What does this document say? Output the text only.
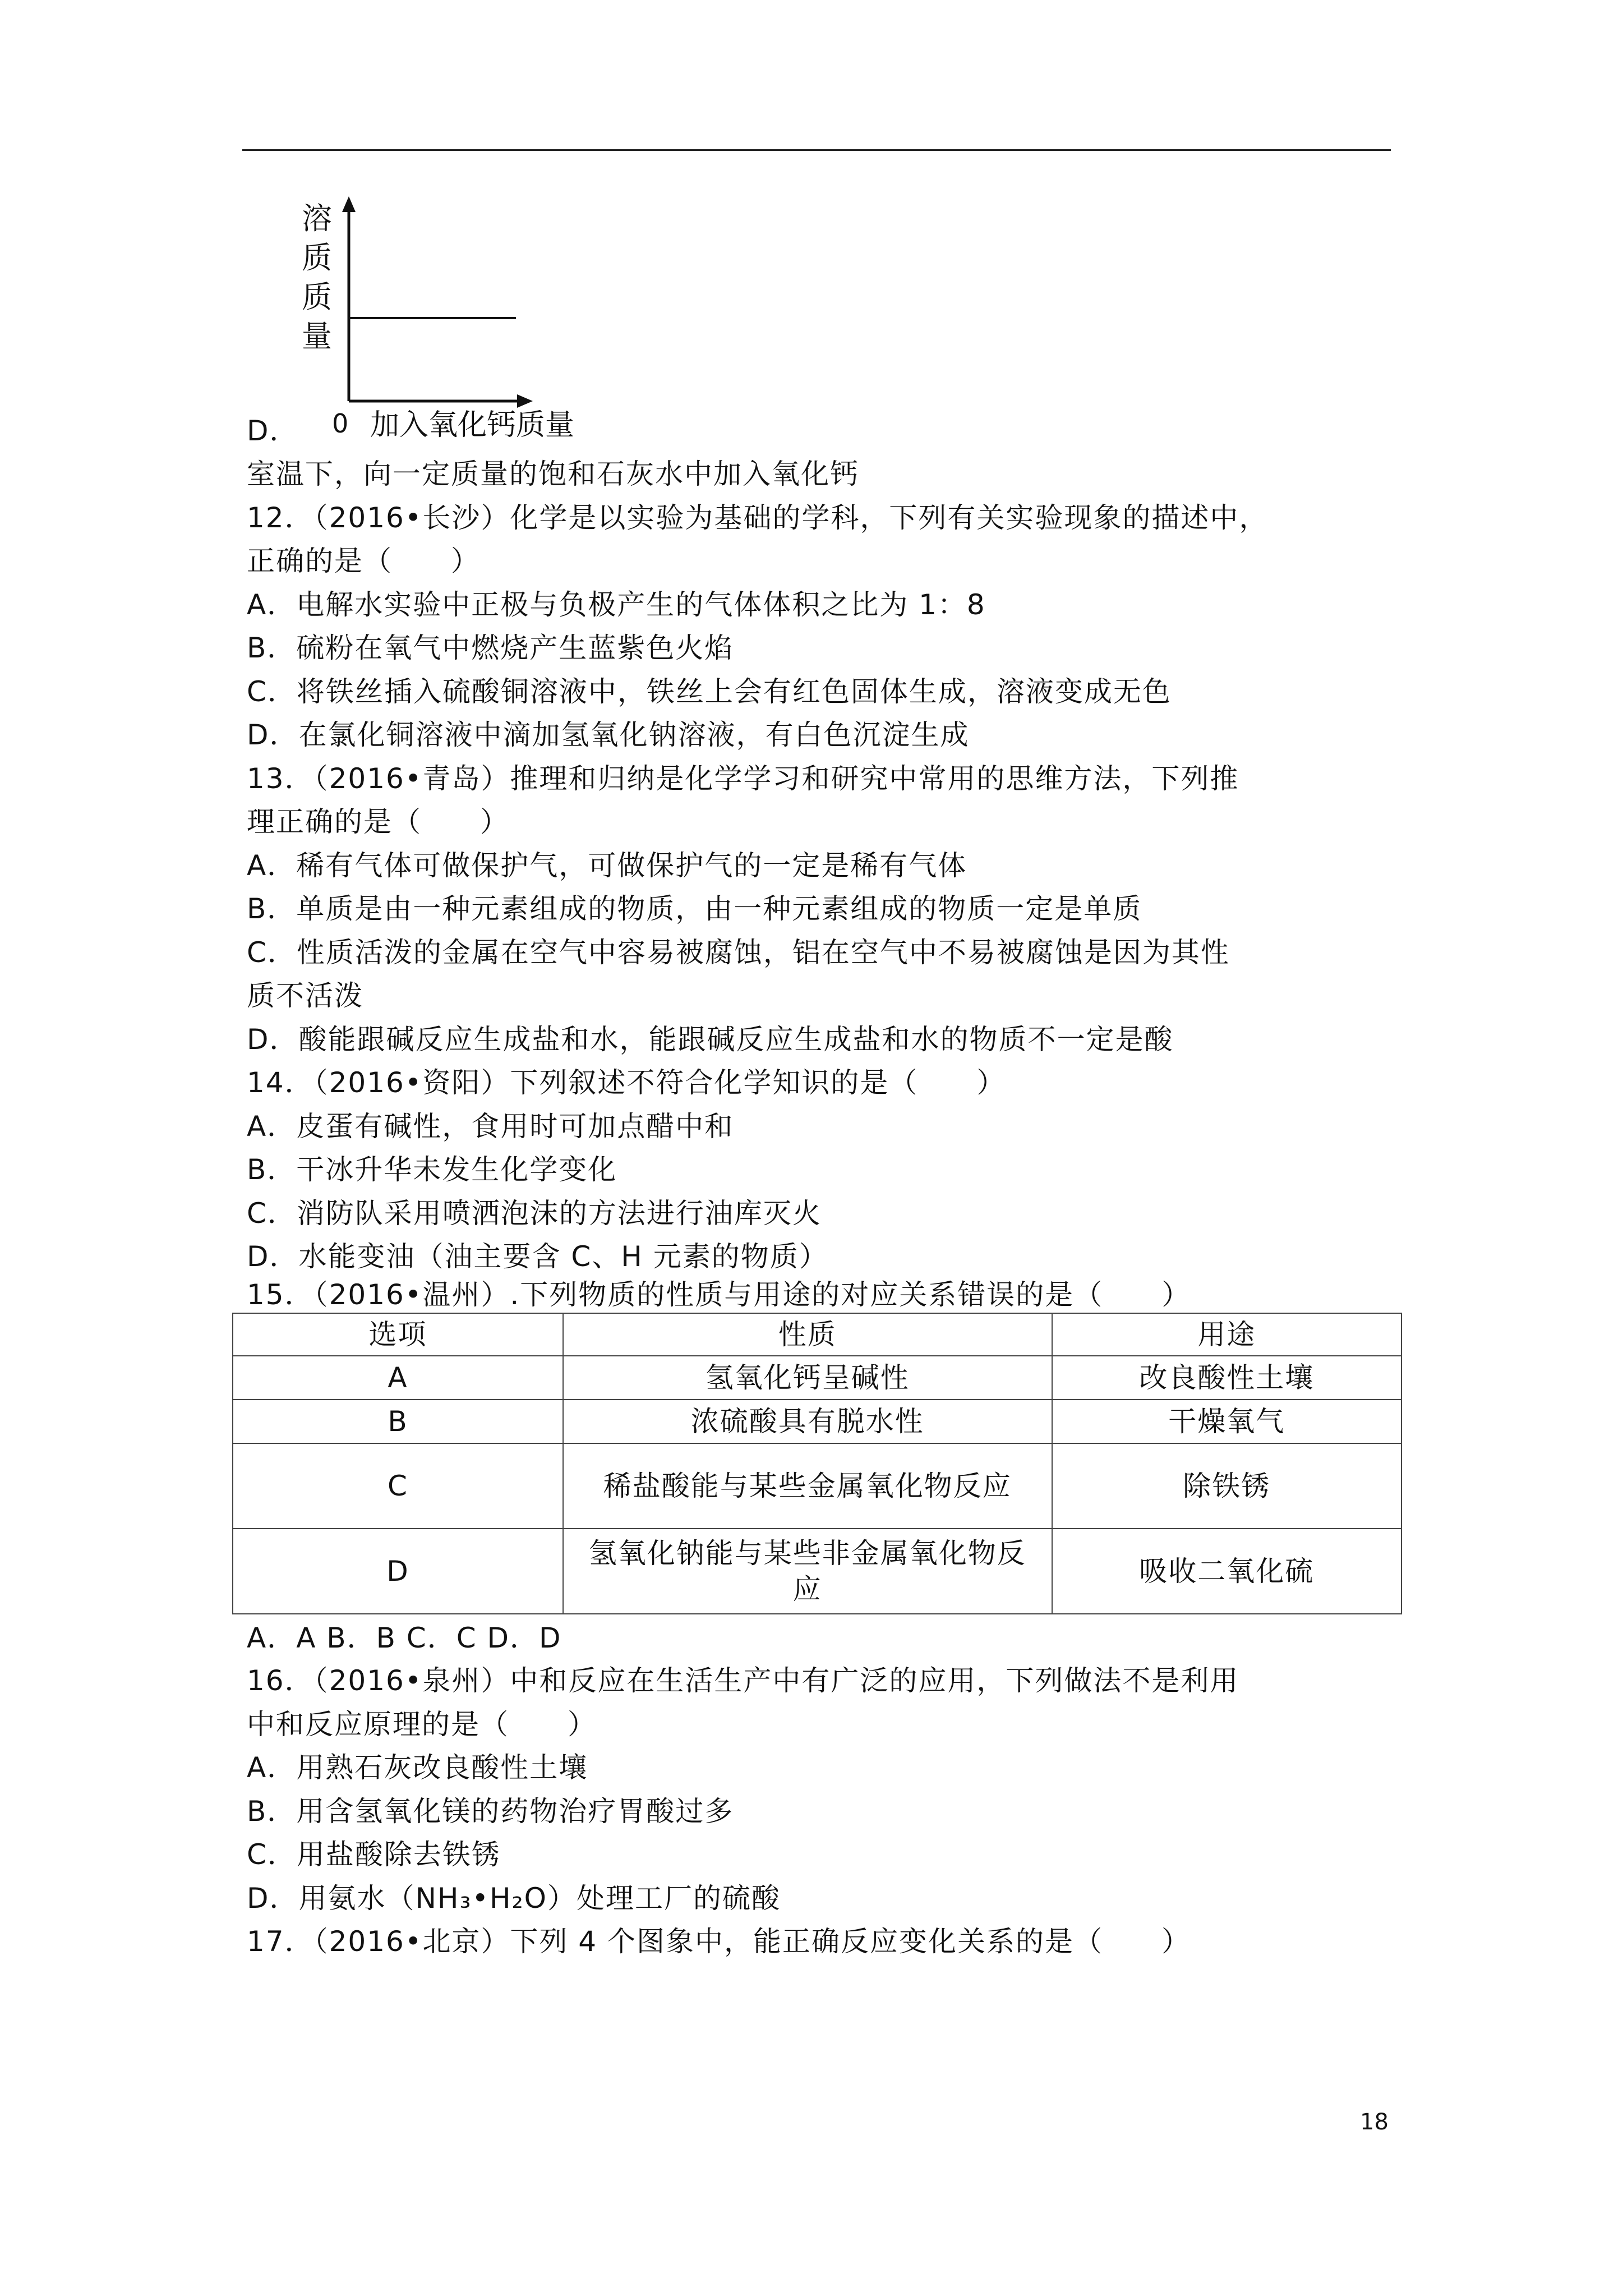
溶
质
质
量
0 加入氧化钙质量
D．
室温下，向一定质量的饱和石灰水中加入氧化钙
12．（2016•长沙）化学是以实验为基础的学科，下列有关实验现象的描述中，
正确的是（　　）
A．电解水实验中正极与负极产生的气体体积之比为 1：8
B．硫粉在氧气中燃烧产生蓝紫色火焰
C．将铁丝插入硫酸铜溶液中，铁丝上会有红色固体生成，溶液变成无色
D．在氯化铜溶液中滴加氢氧化钠溶液，有白色沉淀生成
13．（2016•青岛）推理和归纳是化学学习和研究中常用的思维方法，下列推
理正确的是（　　）
A．稀有气体可做保护气，可做保护气的一定是稀有气体
B．单质是由一种元素组成的物质，由一种元素组成的物质一定是单质
C．性质活泼的金属在空气中容易被腐蚀，铝在空气中不易被腐蚀是因为其性
质不活泼
D．酸能跟碱反应生成盐和水，能跟碱反应生成盐和水的物质不一定是酸
14．（2016•资阳）下列叙述不符合化学知识的是（　　）
A．皮蛋有碱性，食用时可加点醋中和
B．干冰升华未发生化学变化
C．消防队采用喷洒泡沫的方法进行油库灭火
D．水能变油（油主要含 C、H 元素的物质）
15．（2016•温州）.下列物质的性质与用途的对应关系错误的是（　　）
选项	性质	用途
A	氢氧化钙呈碱性	改良酸性土壤
B	浓硫酸具有脱水性	干燥氧气
C	稀盐酸能与某些金属氧化物反应	除铁锈
D	氢氧化钠能与某些非金属氧化物反应	吸收二氧化硫
A．A B．B C．C D．D
16．（2016•泉州）中和反应在生活生产中有广泛的应用，下列做法不是利用
中和反应原理的是（　　）
A．用熟石灰改良酸性土壤
B．用含氢氧化镁的药物治疗胃酸过多
C．用盐酸除去铁锈
D．用氨水（NH₃•H₂O）处理工厂的硫酸
17．（2016•北京）下列 4 个图象中，能正确反应变化关系的是（　　）
18
